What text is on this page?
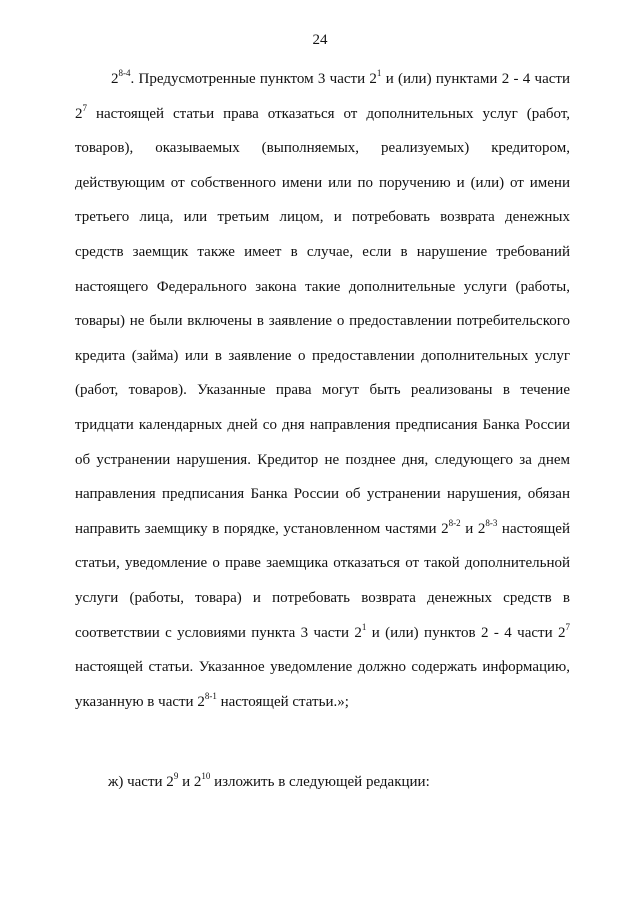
24

2$^{8-4}$. Предусмотренные пунктом 3 части $2^1$ и (или) пунктами 2 - 4 части $2^7$ настоящей статьи права отказаться от дополнительных услуг (работ, товаров), оказываемых (выполняемых, реализуемых) кредитором, действующим от собственного имени или по поручению и (или) от имени третьего лица, или третьим лицом, и потребовать возврата денежных средств заемщик также имеет в случае, если в нарушение требований настоящего Федерального закона такие дополнительные услуги (работы, товары) не были включены в заявление о предоставлении потребительского кредита (займа) или в заявление о предоставлении дополнительных услуг (работ, товаров). Указанные права могут быть реализованы в течение тридцати календарных дней со дня направления предписания Банка России об устранении нарушения. Кредитор не позднее дня, следующего за днем направления предписания Банка России об устранении нарушения, обязан направить заемщику в порядке, установленном частями 2$^{8-2}$ и 2$^{8-3}$ настоящей статьи, уведомление о праве заемщика отказаться от такой дополнительной услуги (работы, товара) и потребовать возврата денежных средств в соответствии с условиями пункта 3 части $2^1$ и (или) пунктов 2 - 4 части $2^7$ настоящей статьи. Указанное уведомление должно содержать информацию, указанную в части 2$^{8-1}$ настоящей статьи.»;

ж) части $2^9$ и $2^{10}$ изложить в следующей редакции:
